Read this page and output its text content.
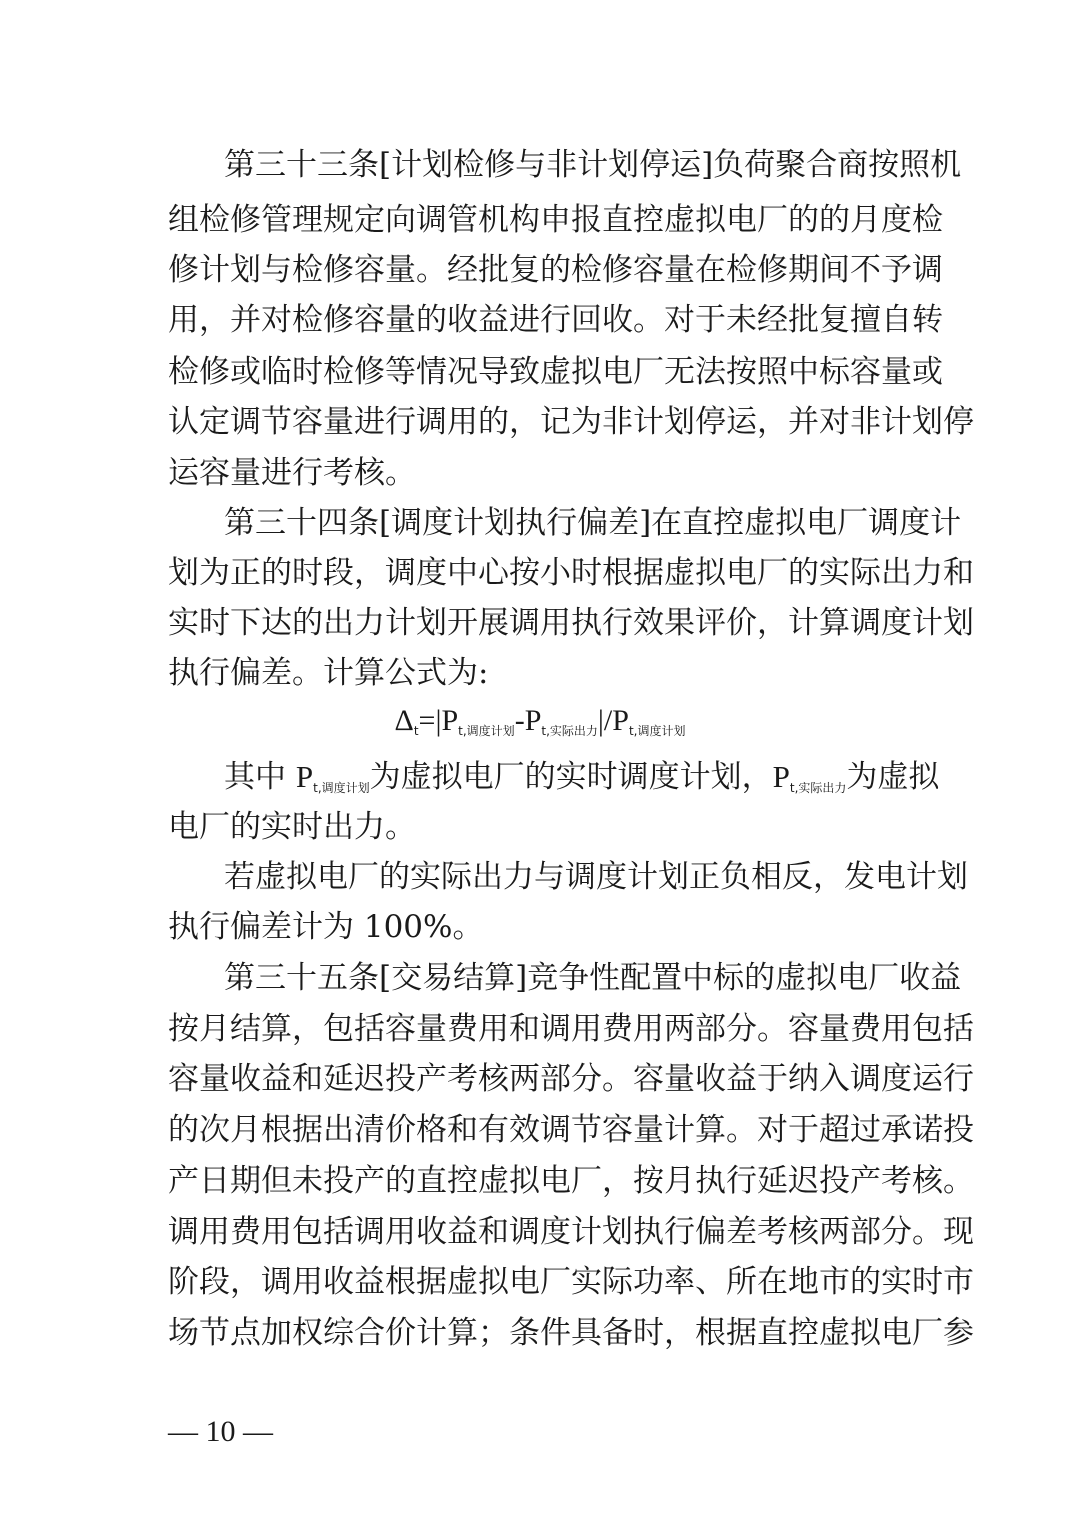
第三十三条[计划检修与非计划停运]负荷聚合商按照机
组检修管理规定向调管机构申报直控虚拟电厂的的月度检
修计划与检修容量。经批复的检修容量在检修期间不予调
用，并对检修容量的收益进行回收。对于未经批复擅自转
检修或临时检修等情况导致虚拟电厂无法按照中标容量或
认定调节容量进行调用的，记为非计划停运，并对非计划停
运容量进行考核。
第三十四条[调度计划执行偏差]在直控虚拟电厂调度计
划为正的时段，调度中心按小时根据虚拟电厂的实际出力和
实时下达的出力计划开展调用执行效果评价，计算调度计划
执行偏差。计算公式为:
$\Delta_t=|P_{t,调度计划}-P_{t,实际出力}|/P_{t,调度计划}$
其中 $P_{t,调度计划}$为虚拟电厂的实时调度计划，$P_{t,实际出力}$为虚拟
电厂的实时出力。
若虚拟电厂的实际出力与调度计划正负相反，发电计划
执行偏差计为 100%。
第三十五条[交易结算]竞争性配置中标的虚拟电厂收益
按月结算，包括容量费用和调用费用两部分。容量费用包括
容量收益和延迟投产考核两部分。容量收益于纳入调度运行
的次月根据出清价格和有效调节容量计算。对于超过承诺投
产日期但未投产的直控虚拟电厂，按月执行延迟投产考核。
调用费用包括调用收益和调度计划执行偏差考核两部分。现
阶段，调用收益根据虚拟电厂实际功率、所在地市的实时市
场节点加权综合价计算；条件具备时，根据直控虚拟电厂参
— 10 —
